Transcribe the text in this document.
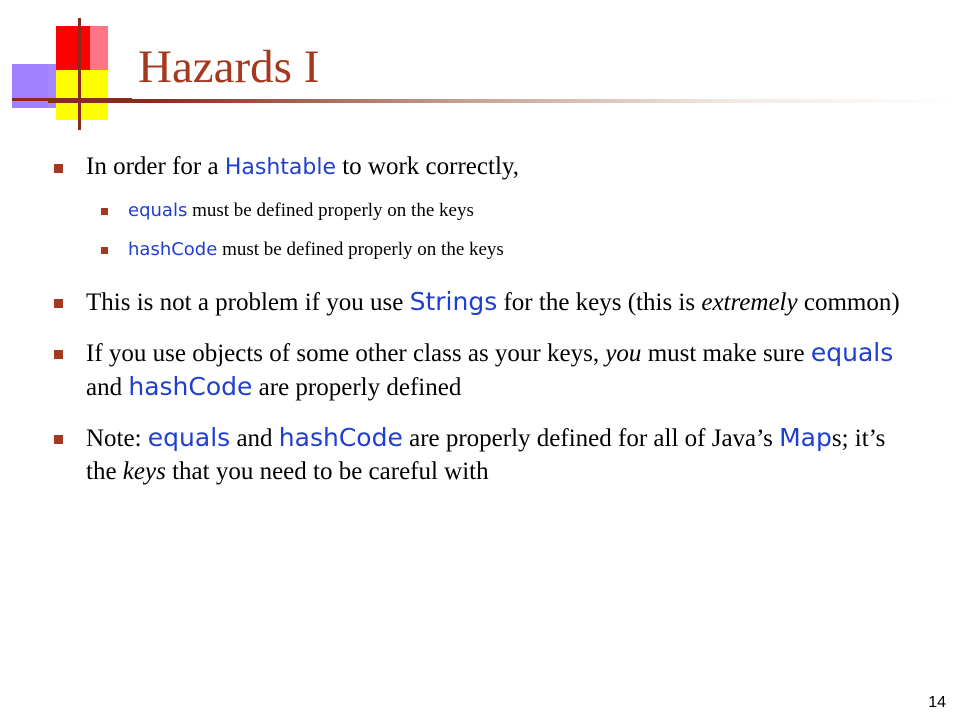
Hazards I
In order for a Hashtable to work correctly,
equals must be defined properly on the keys
hashCode must be defined properly on the keys
This is not a problem if you use Strings for the keys (this is extremely common)
If you use objects of some other class as your keys, you must make sure equals and hashCode are properly defined
Note: equals and hashCode are properly defined for all of Java’s Maps; it’s the keys that you need to be careful with
14
